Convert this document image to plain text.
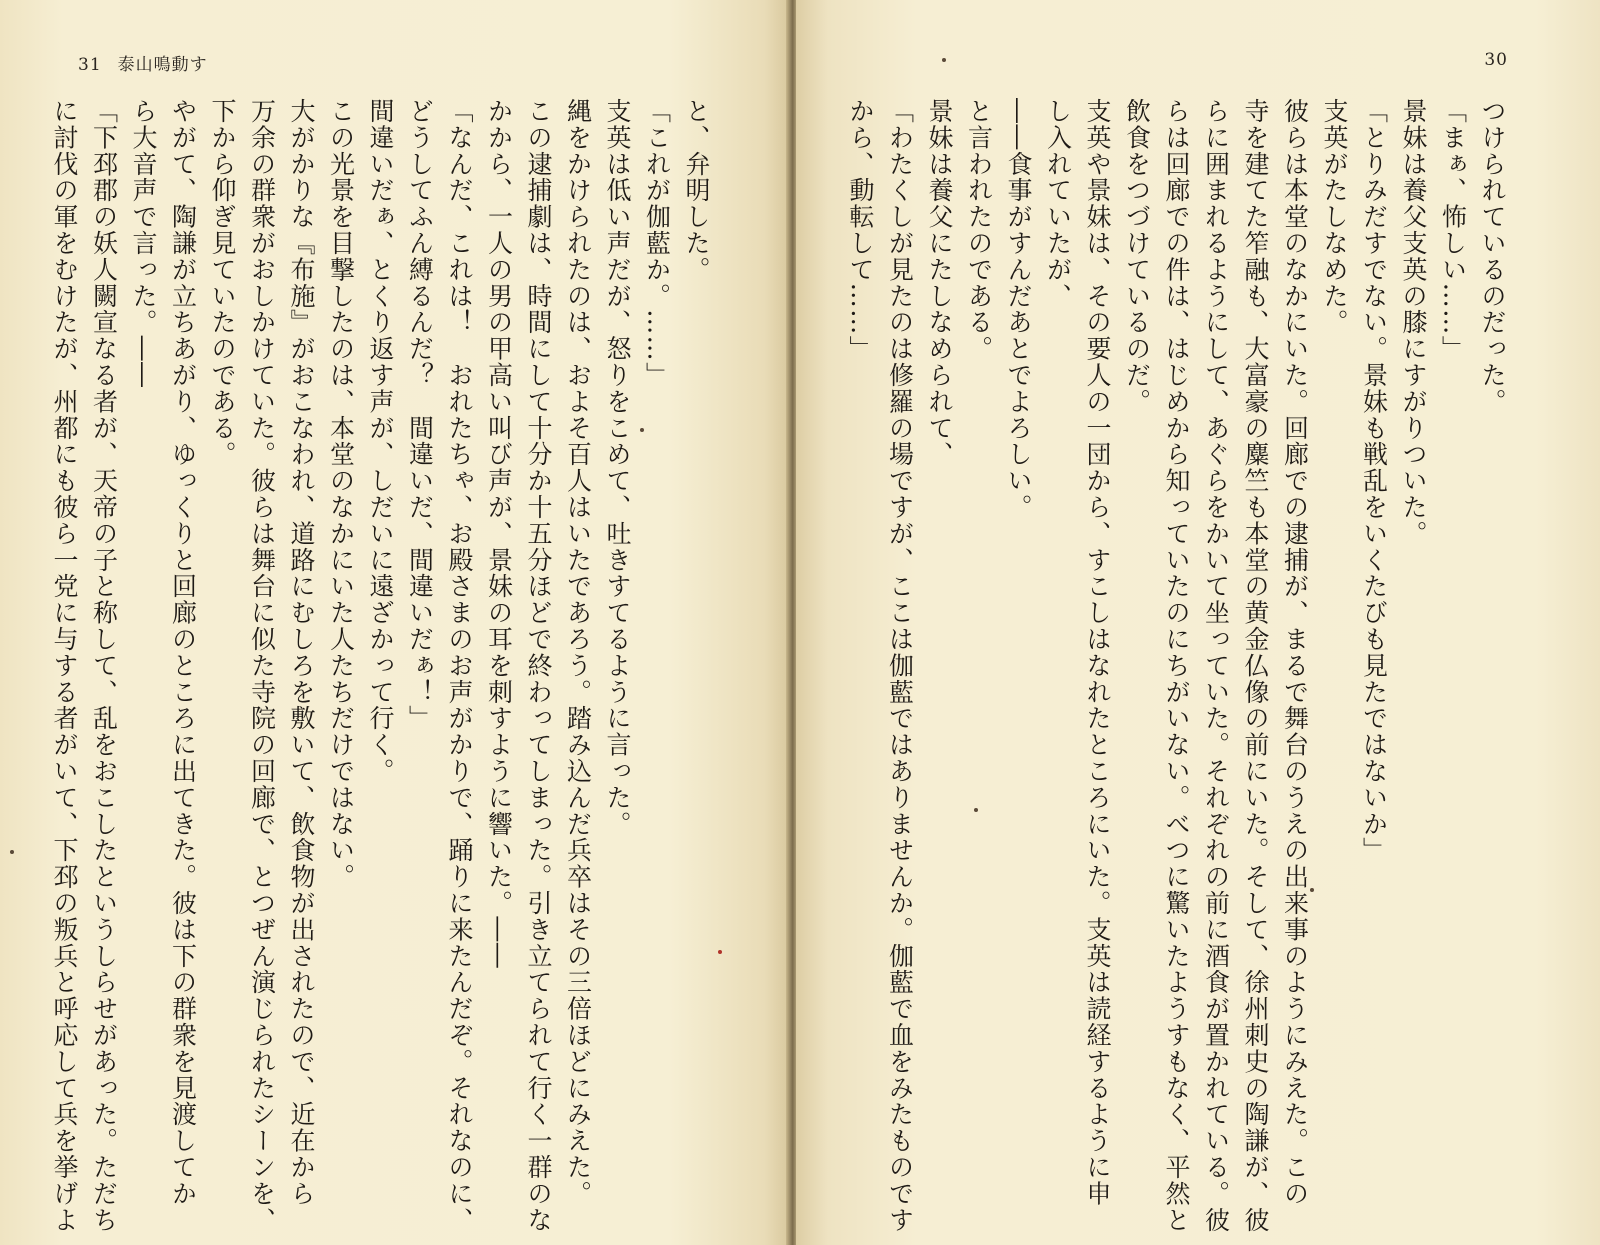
31 泰山鳴動す
と、弁明した。
「これが伽藍か。……」
支英は低い声だが、怒りをこめて、吐きすてるように言った。
縄をかけられたのは、およそ百人はいたであろう。踏み込んだ兵卒はその三倍ほどにみえた。
この逮捕劇は、時間にして十分か十五分ほどで終わってしまった。引き立てられて行く一群のな
かから、一人の男の甲高い叫び声が、景妹の耳を刺すように響いた。――
「なんだ、これは！　おれたちゃ、お殿さまのお声がかりで、踊りに来たんだぞ。それなのに、
どうしてふん縛るんだ？　間違いだ、間違いだぁ！」
間違いだぁ、とくり返す声が、しだいに遠ざかって行く。
この光景を目撃したのは、本堂のなかにいた人たちだけではない。
大がかりな『布施』がおこなわれ、道路にむしろを敷いて、飲食物が出されたので、近在から
万余の群衆がおしかけていた。彼らは舞台に似た寺院の回廊で、とつぜん演じられたシーンを、
下から仰ぎ見ていたのである。
やがて、陶謙が立ちあがり、ゆっくりと回廊のところに出てきた。彼は下の群衆を見渡してか
ら大音声で言った。――
「下邳郡の妖人闕宣なる者が、天帝の子と称して、乱をおこしたというしらせがあった。ただち
に討伐の軍をむけたが、州都にも彼ら一党に与する者がいて、下邳の叛兵と呼応して兵を挙げよ
30
つけられているのだった。
「まぁ、怖しい……」
景妹は養父支英の膝にすがりついた。
「とりみだすでない。景妹も戦乱をいくたびも見たではないか」
支英がたしなめた。
彼らは本堂のなかにいた。回廊での逮捕が、まるで舞台のうえの出来事のようにみえた。この
寺を建てた笮融も、大富豪の麋竺も本堂の黄金仏像の前にいた。そして、徐州刺史の陶謙が、彼
らに囲まれるようにして、あぐらをかいて坐っていた。それぞれの前に酒食が置かれている。彼
らは回廊での件は、はじめから知っていたのにちがいない。べつに驚いたようすもなく、平然と
飲食をつづけているのだ。
支英や景妹は、その要人の一団から、すこしはなれたところにいた。支英は読経するように申
し入れていたが、
――食事がすんだあとでよろしい。
と言われたのである。
景妹は養父にたしなめられて、
「わたくしが見たのは修羅の場ですが、ここは伽藍ではありませんか。伽藍で血をみたものです
から、動転して……」
